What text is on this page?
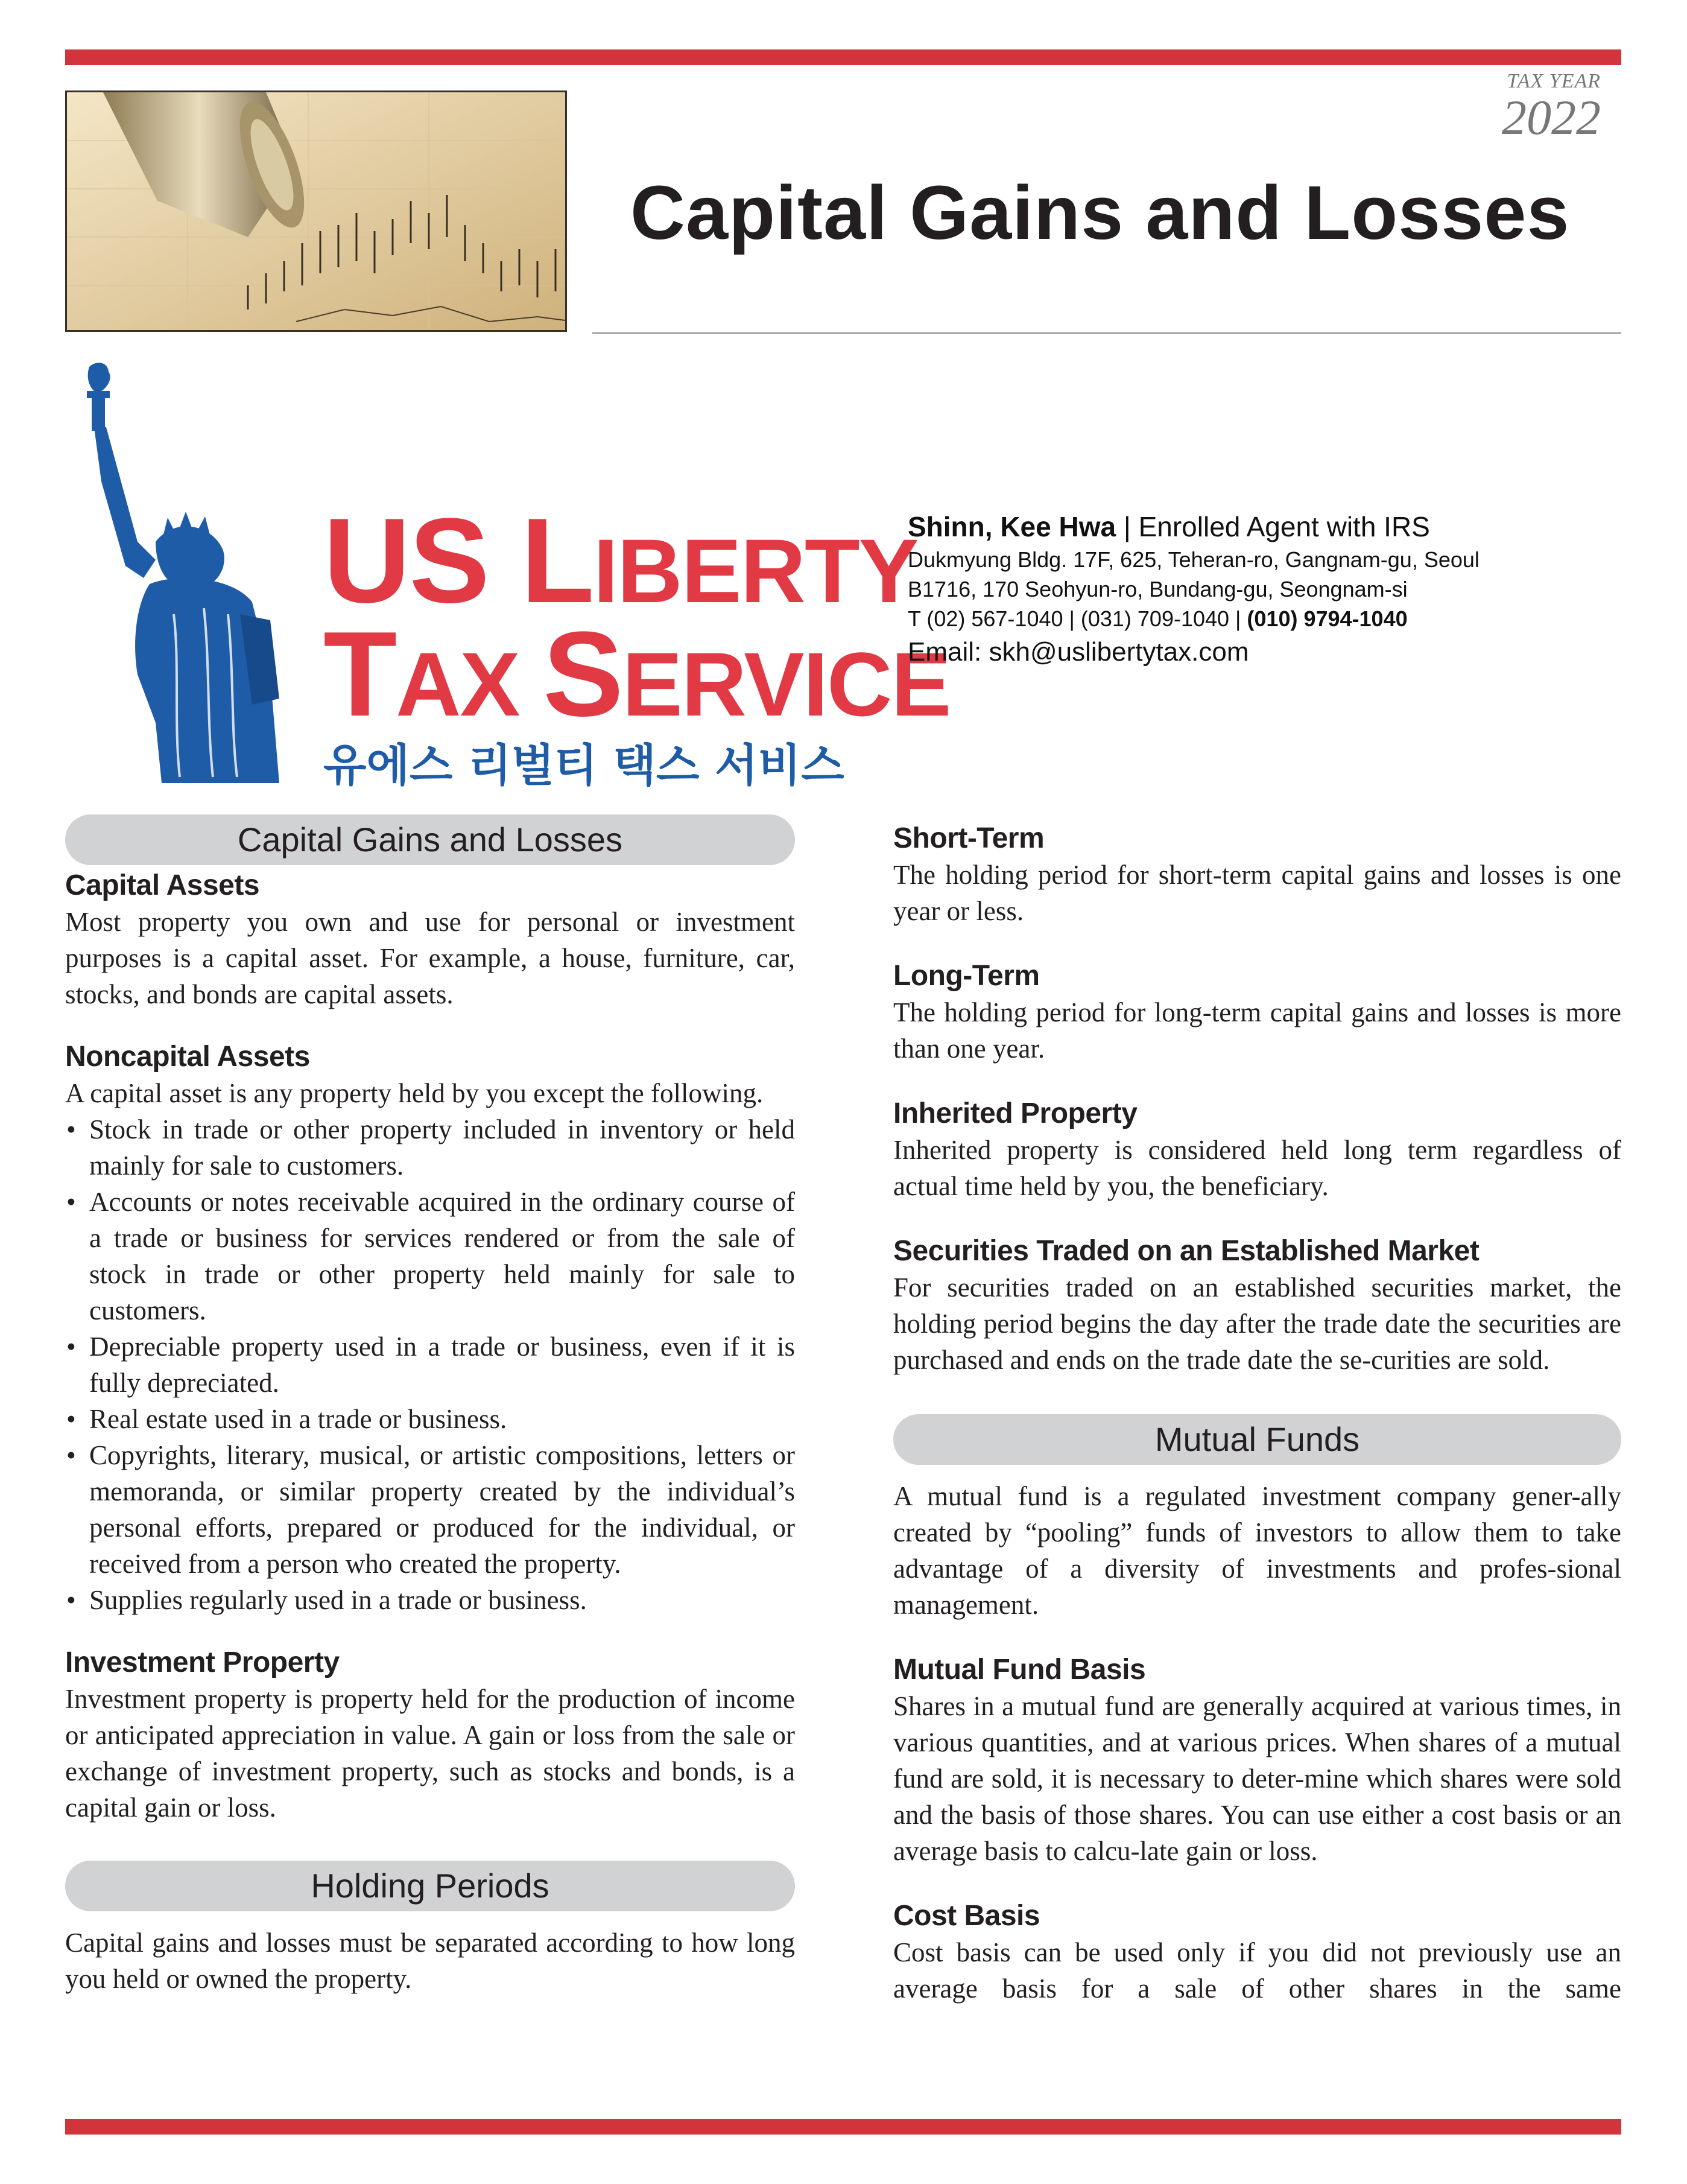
TAX YEAR
2022
Capital Gains and Losses
US LIBERTY
TAX SERVICE
유에스 리벌티 택스 서비스
Shinn, Kee Hwa | Enrolled Agent with IRS
Dukmyung Bldg. 17F, 625, Teheran-ro, Gangnam-gu, Seoul
B1716, 170 Seohyun-ro, Bundang-gu, Seongnam-si
T (02) 567-1040 | (031) 709-1040 | (010) 9794-1040
Email: skh@uslibertytax.com
Capital Gains and Losses
Capital Assets

Most property you own and use for personal or investment purposes is a capital asset. For example, a house, furniture, car, stocks, and bonds are capital assets.

Noncapital Assets

A capital asset is any property held by you except the following.

• Stock in trade or other property included in inventory or held mainly for sale to customers.
• Accounts or notes receivable acquired in the ordinary course of a trade or business for services rendered or from the sale of stock in trade or other property held mainly for sale to customers.
• Depreciable property used in a trade or business, even if it is fully depreciated.
• Real estate used in a trade or business.
• Copyrights, literary, musical, or artistic compositions, letters or memoranda, or similar property created by the individual’s personal efforts, prepared or produced for the individual, or received from a person who created the property.
• Supplies regularly used in a trade or business.
Investment Property

Investment property is property held for the production of income or anticipated appreciation in value. A gain or loss from the sale or exchange of investment property, such as stocks and bonds, is a capital gain or loss.

Holding Periods

Capital gains and losses must be separated according to how long you held or owned the property.

Short-Term

The holding period for short-term capital gains and losses is one year or less.

Long-Term

The holding period for long-term capital gains and losses is more than one year.

Inherited Property

Inherited property is considered held long term regardless of actual time held by you, the beneficiary.

Securities Traded on an Established Market

For securities traded on an established securities market, the holding period begins the day after the trade date the securities are purchased and ends on the trade date the se-curities are sold.

Mutual Funds

A mutual fund is a regulated investment company gener-ally created by “pooling” funds of investors to allow them to take advantage of a diversity of investments and profes-sional management.

Mutual Fund Basis

Shares in a mutual fund are generally acquired at various times, in various quantities, and at various prices. When shares of a mutual fund are sold, it is necessary to deter-mine which shares were sold and the basis of those shares. You can use either a cost basis or an average basis to calcu-late gain or loss.

Cost Basis

Cost basis can be used only if you did not previously use an average basis for a sale of other shares in the same
